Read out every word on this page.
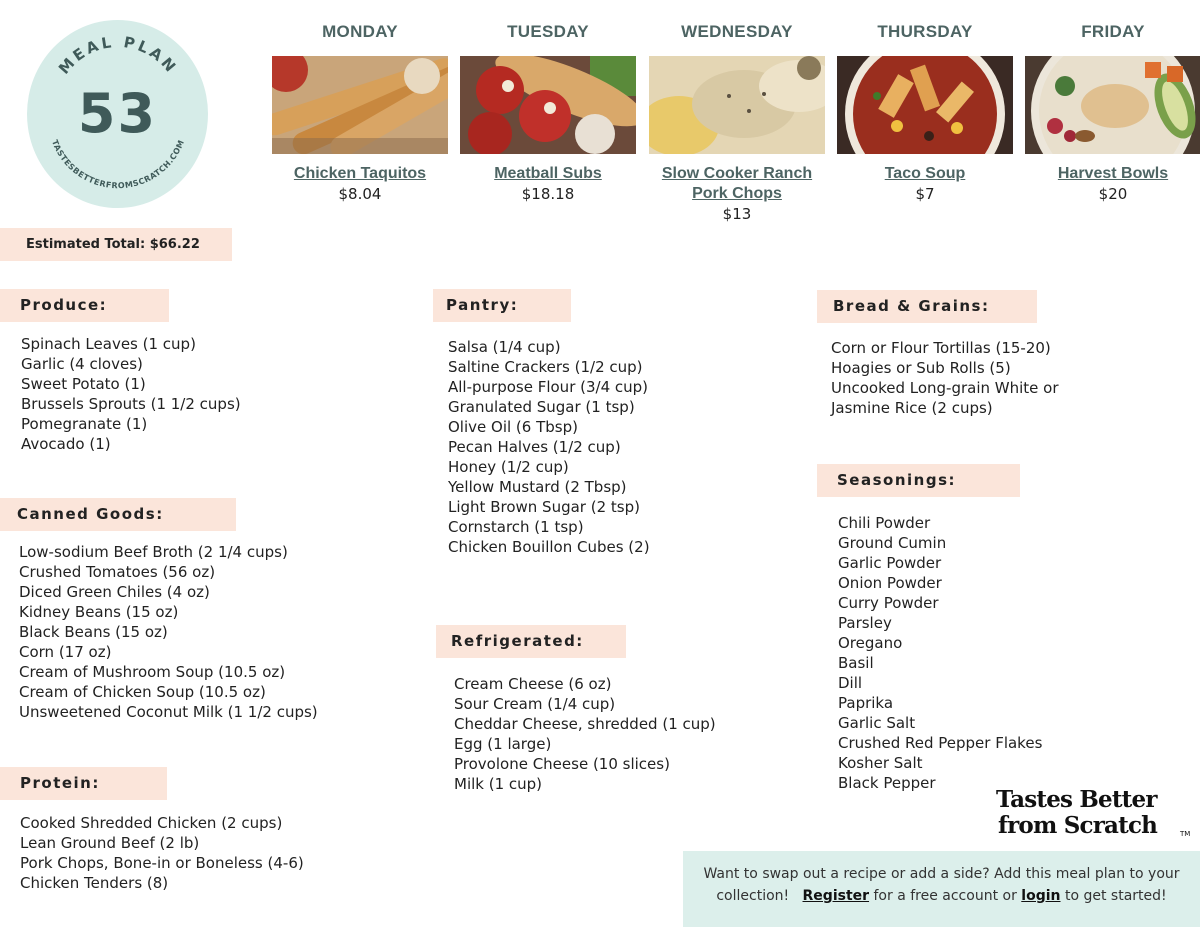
MEAL PLAN
TASTESBETTERFROMSCRATCH.COM
53
MONDAY
Chicken Taquitos
$8.04
TUESDAY
Meatball Subs
$18.18
WEDNESDAY
Slow Cooker Ranch
Pork Chops
$13
THURSDAY
Taco Soup
$7
FRIDAY
Harvest Bowls
$20
Estimated Total: $66.22
Produce:
Spinach Leaves (1 cup)
Garlic (4 cloves)
Sweet Potato (1)
Brussels Sprouts (1 1/2 cups)
Pomegranate (1)
Avocado (1)
Canned Goods:
Low-sodium Beef Broth (2 1/4 cups)
Crushed Tomatoes (56 oz)
Diced Green Chiles (4 oz)
Kidney Beans (15 oz)
Black Beans (15 oz)
Corn (17 oz)
Cream of Mushroom Soup (10.5 oz)
Cream of Chicken Soup (10.5 oz)
Unsweetened Coconut Milk (1 1/2 cups)
Protein:
Cooked Shredded Chicken (2 cups)
Lean Ground Beef (2 lb)
Pork Chops, Bone-in or Boneless (4-6)
Chicken Tenders (8)
Pantry:
Salsa (1/4 cup)
Saltine Crackers (1/2 cup)
All-purpose Flour (3/4 cup)
Granulated Sugar (1 tsp)
Olive Oil (6 Tbsp)
Pecan Halves (1/2 cup)
Honey (1/2 cup)
Yellow Mustard (2 Tbsp)
Light Brown Sugar (2 tsp)
Cornstarch (1 tsp)
Chicken Bouillon Cubes (2)
Refrigerated:
Cream Cheese (6 oz)
Sour Cream (1/4 cup)
Cheddar Cheese, shredded (1 cup)
Egg (1 large)
Provolone Cheese (10 slices)
Milk (1 cup)
Bread & Grains:
Corn or Flour Tortillas (15-20)
Hoagies or Sub Rolls (5)
Uncooked Long-grain White or
Jasmine Rice (2 cups)
Seasonings:
Chili Powder
Ground Cumin
Garlic Powder
Onion Powder
Curry Powder
Parsley
Oregano
Basil
Dill
Paprika
Garlic Salt
Crushed Red Pepper Flakes
Kosher Salt
Black Pepper
Tastes Better
from Scratch	TM
Want to swap out a recipe or add a side? Add this meal plan to your
collection! Register for a free account or login to get started!
